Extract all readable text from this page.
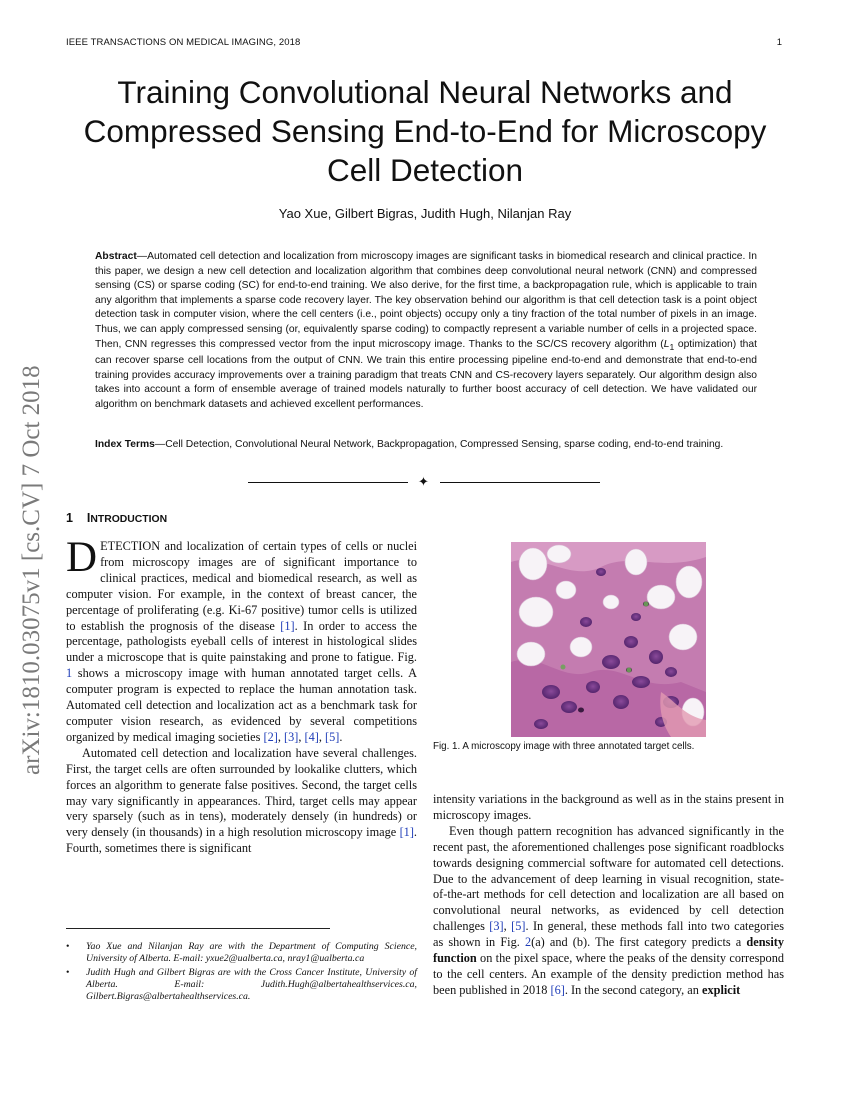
IEEE TRANSACTIONS ON MEDICAL IMAGING, 2018	1
Training Convolutional Neural Networks and Compressed Sensing End-to-End for Microscopy Cell Detection
Yao Xue, Gilbert Bigras, Judith Hugh, Nilanjan Ray
Abstract—Automated cell detection and localization from microscopy images are significant tasks in biomedical research and clinical practice. In this paper, we design a new cell detection and localization algorithm that combines deep convolutional neural network (CNN) and compressed sensing (CS) or sparse coding (SC) for end-to-end training. We also derive, for the first time, a backpropagation rule, which is applicable to train any algorithm that implements a sparse code recovery layer. The key observation behind our algorithm is that cell detection task is a point object detection task in computer vision, where the cell centers (i.e., point objects) occupy only a tiny fraction of the total number of pixels in an image. Thus, we can apply compressed sensing (or, equivalently sparse coding) to compactly represent a variable number of cells in a projected space. Then, CNN regresses this compressed vector from the input microscopy image. Thanks to the SC/CS recovery algorithm ($L_1$ optimization) that can recover sparse cell locations from the output of CNN. We train this entire processing pipeline end-to-end and demonstrate that end-to-end training provides accuracy improvements over a training paradigm that treats CNN and CS-recovery layers separately. Our algorithm design also takes into account a form of ensemble average of trained models naturally to further boost accuracy of cell detection. We have validated our algorithm on benchmark datasets and achieved excellent performances.
Index Terms—Cell Detection, Convolutional Neural Network, Backpropagation, Compressed Sensing, sparse coding, end-to-end training.
✦
arXiv:1810.03075v1 [cs.CV] 7 Oct 2018	1 INTRODUCTION

DETECTION and localization of certain types of cells or nuclei from microscopy images are of significant importance to clinical practices, medical and biomedical research, as well as computer vision. For example, in the context of breast cancer, the percentage of proliferating (e.g. Ki-67 positive) tumor cells is utilized to establish the prognosis of the disease [1]. In order to access the percentage, pathologists eyeball cells of interest in histological slides under a microscope that is quite painstaking and prone to fatigue. Fig. 1 shows a microscopy image with human annotated target cells. A computer program is expected to replace the human annotation task. Automated cell detection and localization act as a benchmark task for computer vision research, as evidenced by several competitions organized by medical imaging societies [2], [3], [4], [5].

Automated cell detection and localization have several challenges. First, the target cells are often surrounded by lookalike clutters, which forces an algorithm to generate false positives. Second, the target cells may vary significantly in appearances. Third, target cells may appear very sparsely (such as in tens), moderately densely (in hundreds) or very densely (in thousands) in a high resolution microscopy image [1]. Fourth, sometimes there is significant

Fig. 1. A microscopy image with three annotated target cells.

intensity variations in the background as well as in the stains present in microscopy images.

Even though pattern recognition has advanced significantly in the recent past, the aforementioned challenges pose significant roadblocks towards designing commercial software for automated cell detections. Due to the advancement of deep learning in visual recognition, state-of-the-art methods for cell detection and localization are all based on convolutional neural networks, as evidenced by cell detection challenges [3], [5]. In general, these methods fall into two categories as shown in Fig. 2(a) and (b). The first category predicts a density function on the pixel space, where the peaks of the density correspond to the cell centers. An example of the density prediction method has been published in 2018 [6]. In the second category, an explicit

• Yao Xue and Nilanjan Ray are with the Department of Computing Science, University of Alberta. E-mail: yxue2@ualberta.ca, nray1@ualberta.ca
• Judith Hugh and Gilbert Bigras are with the Cross Cancer Institute, University of Alberta. E-mail: Judith.Hugh@albertahealthservices.ca, Gilbert.Bigras@albertahealthservices.ca.
